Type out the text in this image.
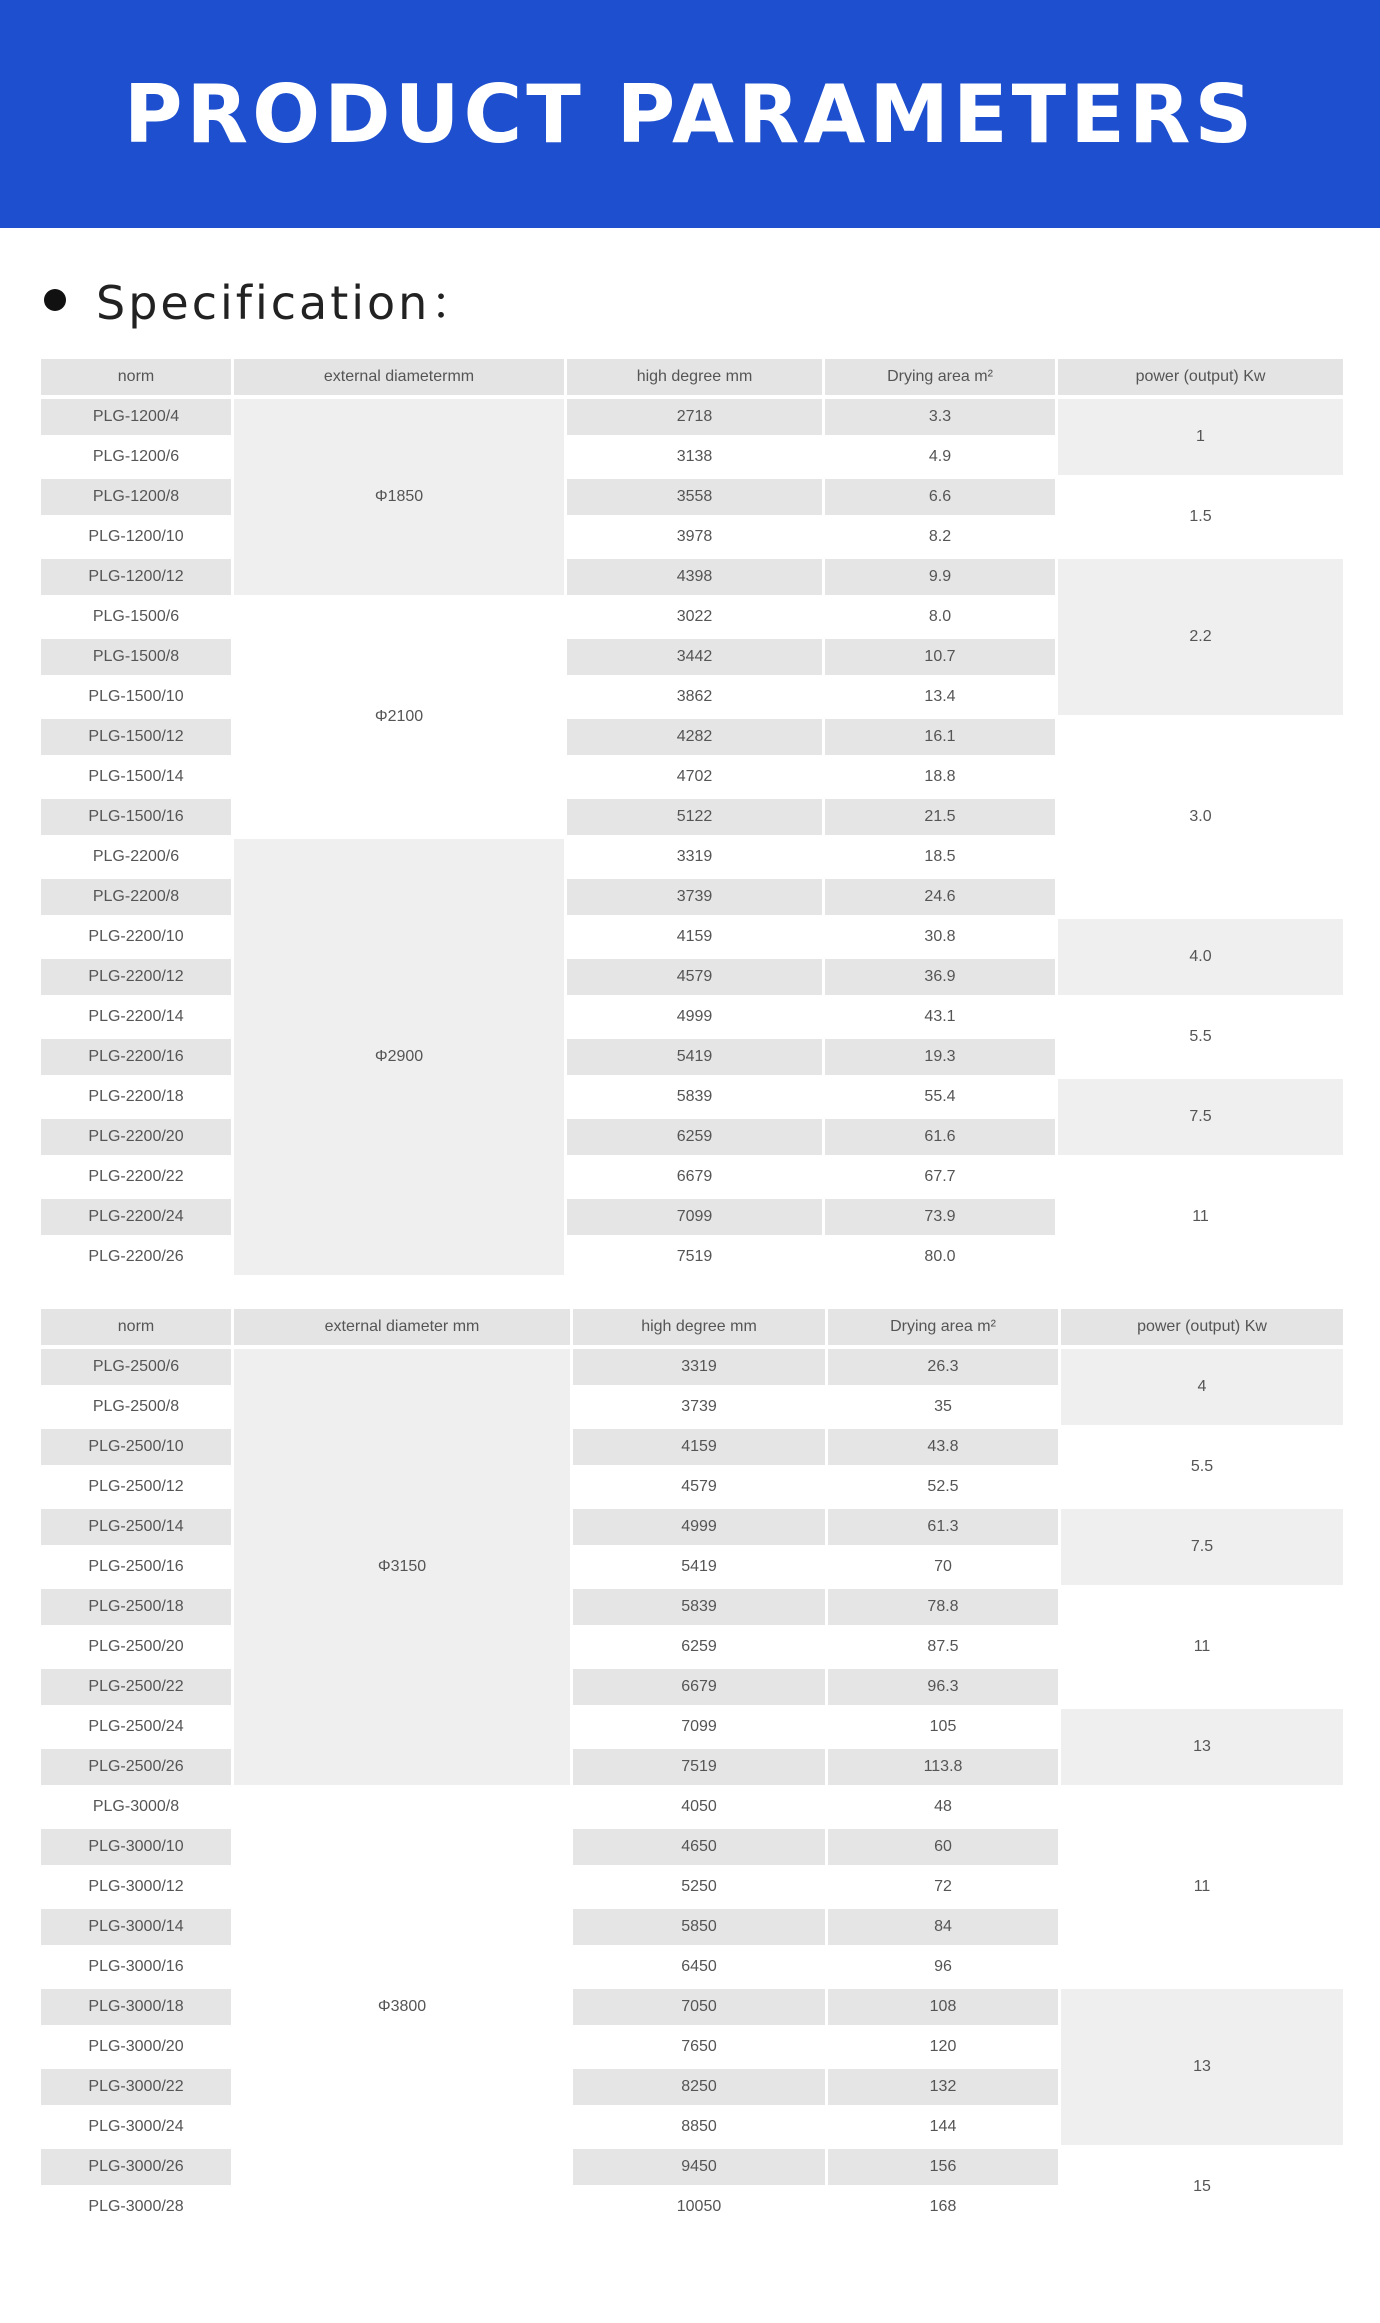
PRODUCT PARAMETERS
Specification：
norm	external diametermm	high degree mm	Drying area m²	power (output) Kw
PLG-1200/4	Φ1850	2718	3.3	1
PLG-1200/6		3138	4.9	
PLG-1200/8		3558	6.6	1.5
PLG-1200/10		3978	8.2	
PLG-1200/12		4398	9.9	2.2
PLG-1500/6	Φ2100	3022	8.0	
PLG-1500/8		3442	10.7	
PLG-1500/10		3862	13.4	
PLG-1500/12		4282	16.1	3.0
PLG-1500/14		4702	18.8	
PLG-1500/16		5122	21.5	
PLG-2200/6	Φ2900	3319	18.5	
PLG-2200/8		3739	24.6	
PLG-2200/10		4159	30.8	4.0
PLG-2200/12		4579	36.9	
PLG-2200/14		4999	43.1	5.5
PLG-2200/16		5419	19.3	
PLG-2200/18		5839	55.4	7.5
PLG-2200/20		6259	61.6	
PLG-2200/22		6679	67.7	11
PLG-2200/24		7099	73.9	
PLG-2200/26		7519	80.0	
norm	external diameter mm	high degree mm	Drying area m²	power (output) Kw
PLG-2500/6	Φ3150	3319	26.3	4
PLG-2500/8		3739	35	
PLG-2500/10		4159	43.8	5.5
PLG-2500/12		4579	52.5	
PLG-2500/14		4999	61.3	7.5
PLG-2500/16		5419	70	
PLG-2500/18		5839	78.8	11
PLG-2500/20		6259	87.5	
PLG-2500/22		6679	96.3	
PLG-2500/24		7099	105	13
PLG-2500/26		7519	113.8	
PLG-3000/8	Φ3800	4050	48	11
PLG-3000/10		4650	60	
PLG-3000/12		5250	72	
PLG-3000/14		5850	84	
PLG-3000/16		6450	96	
PLG-3000/18		7050	108	13
PLG-3000/20		7650	120	
PLG-3000/22		8250	132	
PLG-3000/24		8850	144	
PLG-3000/26		9450	156	15
PLG-3000/28		10050	168	
